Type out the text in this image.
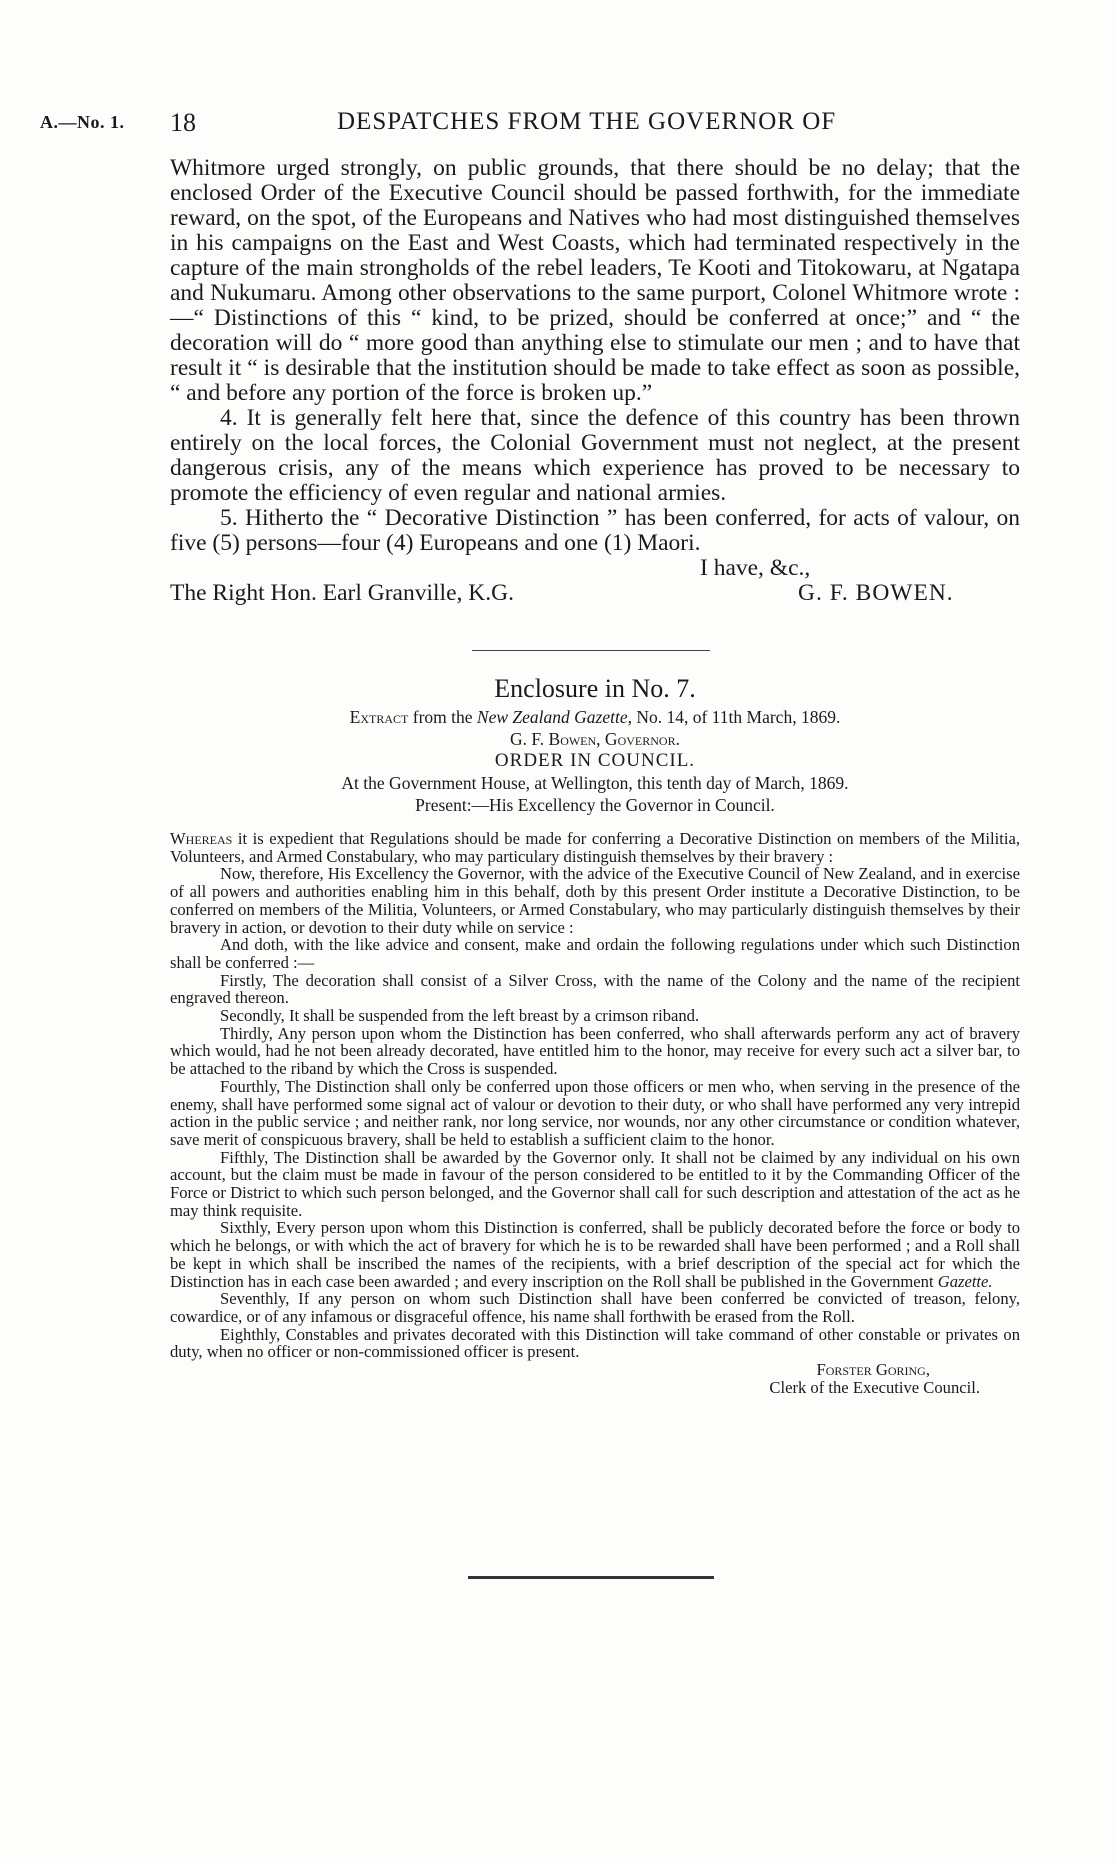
A.—No. 1. 18	DESPATCHES FROM THE GOVERNOR OF

Whitmore urged strongly, on public grounds, that there should be no delay; that the enclosed Order of the Executive Council should be passed forthwith, for the immediate reward, on the spot, of the Europeans and Natives who had most distinguished themselves in his campaigns on the East and West Coasts, which had terminated respectively in the capture of the main strongholds of the rebel leaders, Te Kooti and Titokowaru, at Ngatapa and Nukumaru. Among other observations to the same purport, Colonel Whitmore wrote :—“ Distinctions of this “ kind, to be prized, should be conferred at once;” and “ the decoration will do “ more good than anything else to stimulate our men ; and to have that result it “ is desirable that the institution should be made to take effect as soon as possible, “ and before any portion of the force is broken up.”

4. It is generally felt here that, since the defence of this country has been thrown entirely on the local forces, the Colonial Government must not neglect, at the present dangerous crisis, any of the means which experience has proved to be necessary to promote the efficiency of even regular and national armies.

5. Hitherto the “ Decorative Distinction ” has been conferred, for acts of valour, on five (5) persons—four (4) Europeans and one (1) Maori.

I have, &c.,
The Right Hon. Earl Granville, K.G.	G. F. BOWEN.
Enclosure in No. 7.
Extract from the New Zealand Gazette, No. 14, of 11th March, 1869.
G. F. Bowen, Governor.
ORDER IN COUNCIL.
At the Government House, at Wellington, this tenth day of March, 1869.
Present:—His Excellency the Governor in Council.

Whereas it is expedient that Regulations should be made for conferring a Decorative Distinction on members of the Militia, Volunteers, and Armed Constabulary, who may particulary distinguish themselves by their bravery :

Now, therefore, His Excellency the Governor, with the advice of the Executive Council of New Zealand, and in exercise of all powers and authorities enabling him in this behalf, doth by this present Order institute a Decorative Distinction, to be conferred on members of the Militia, Volunteers, or Armed Constabulary, who may particularly distinguish themselves by their bravery in action, or devotion to their duty while on service :

And doth, with the like advice and consent, make and ordain the following regulations under which such Distinction shall be conferred :—

Firstly, The decoration shall consist of a Silver Cross, with the name of the Colony and the name of the recipient engraved thereon.

Secondly, It shall be suspended from the left breast by a crimson riband.

Thirdly, Any person upon whom the Distinction has been conferred, who shall afterwards perform any act of bravery which would, had he not been already decorated, have entitled him to the honor, may receive for every such act a silver bar, to be attached to the riband by which the Cross is suspended.

Fourthly, The Distinction shall only be conferred upon those officers or men who, when serving in the presence of the enemy, shall have performed some signal act of valour or devotion to their duty, or who shall have performed any very intrepid action in the public service ; and neither rank, nor long service, nor wounds, nor any other circumstance or condition whatever, save merit of conspicuous bravery, shall be held to establish a sufficient claim to the honor.

Fifthly, The Distinction shall be awarded by the Governor only. It shall not be claimed by any individual on his own account, but the claim must be made in favour of the person considered to be entitled to it by the Commanding Officer of the Force or District to which such person belonged, and the Governor shall call for such description and attestation of the act as he may think requisite.

Sixthly, Every person upon whom this Distinction is conferred, shall be publicly decorated before the force or body to which he belongs, or with which the act of bravery for which he is to be rewarded shall have been performed ; and a Roll shall be kept in which shall be inscribed the names of the recipients, with a brief description of the special act for which the Distinction has in each case been awarded ; and every inscription on the Roll shall be published in the Government Gazette.

Seventhly, If any person on whom such Distinction shall have been conferred be convicted of treason, felony, cowardice, or of any infamous or disgraceful offence, his name shall forthwith be erased from the Roll.

Eighthly, Constables and privates decorated with this Distinction will take command of other constable or privates on duty, when no officer or non-commissioned officer is present.

Forster Goring,
Clerk of the Executive Council.
